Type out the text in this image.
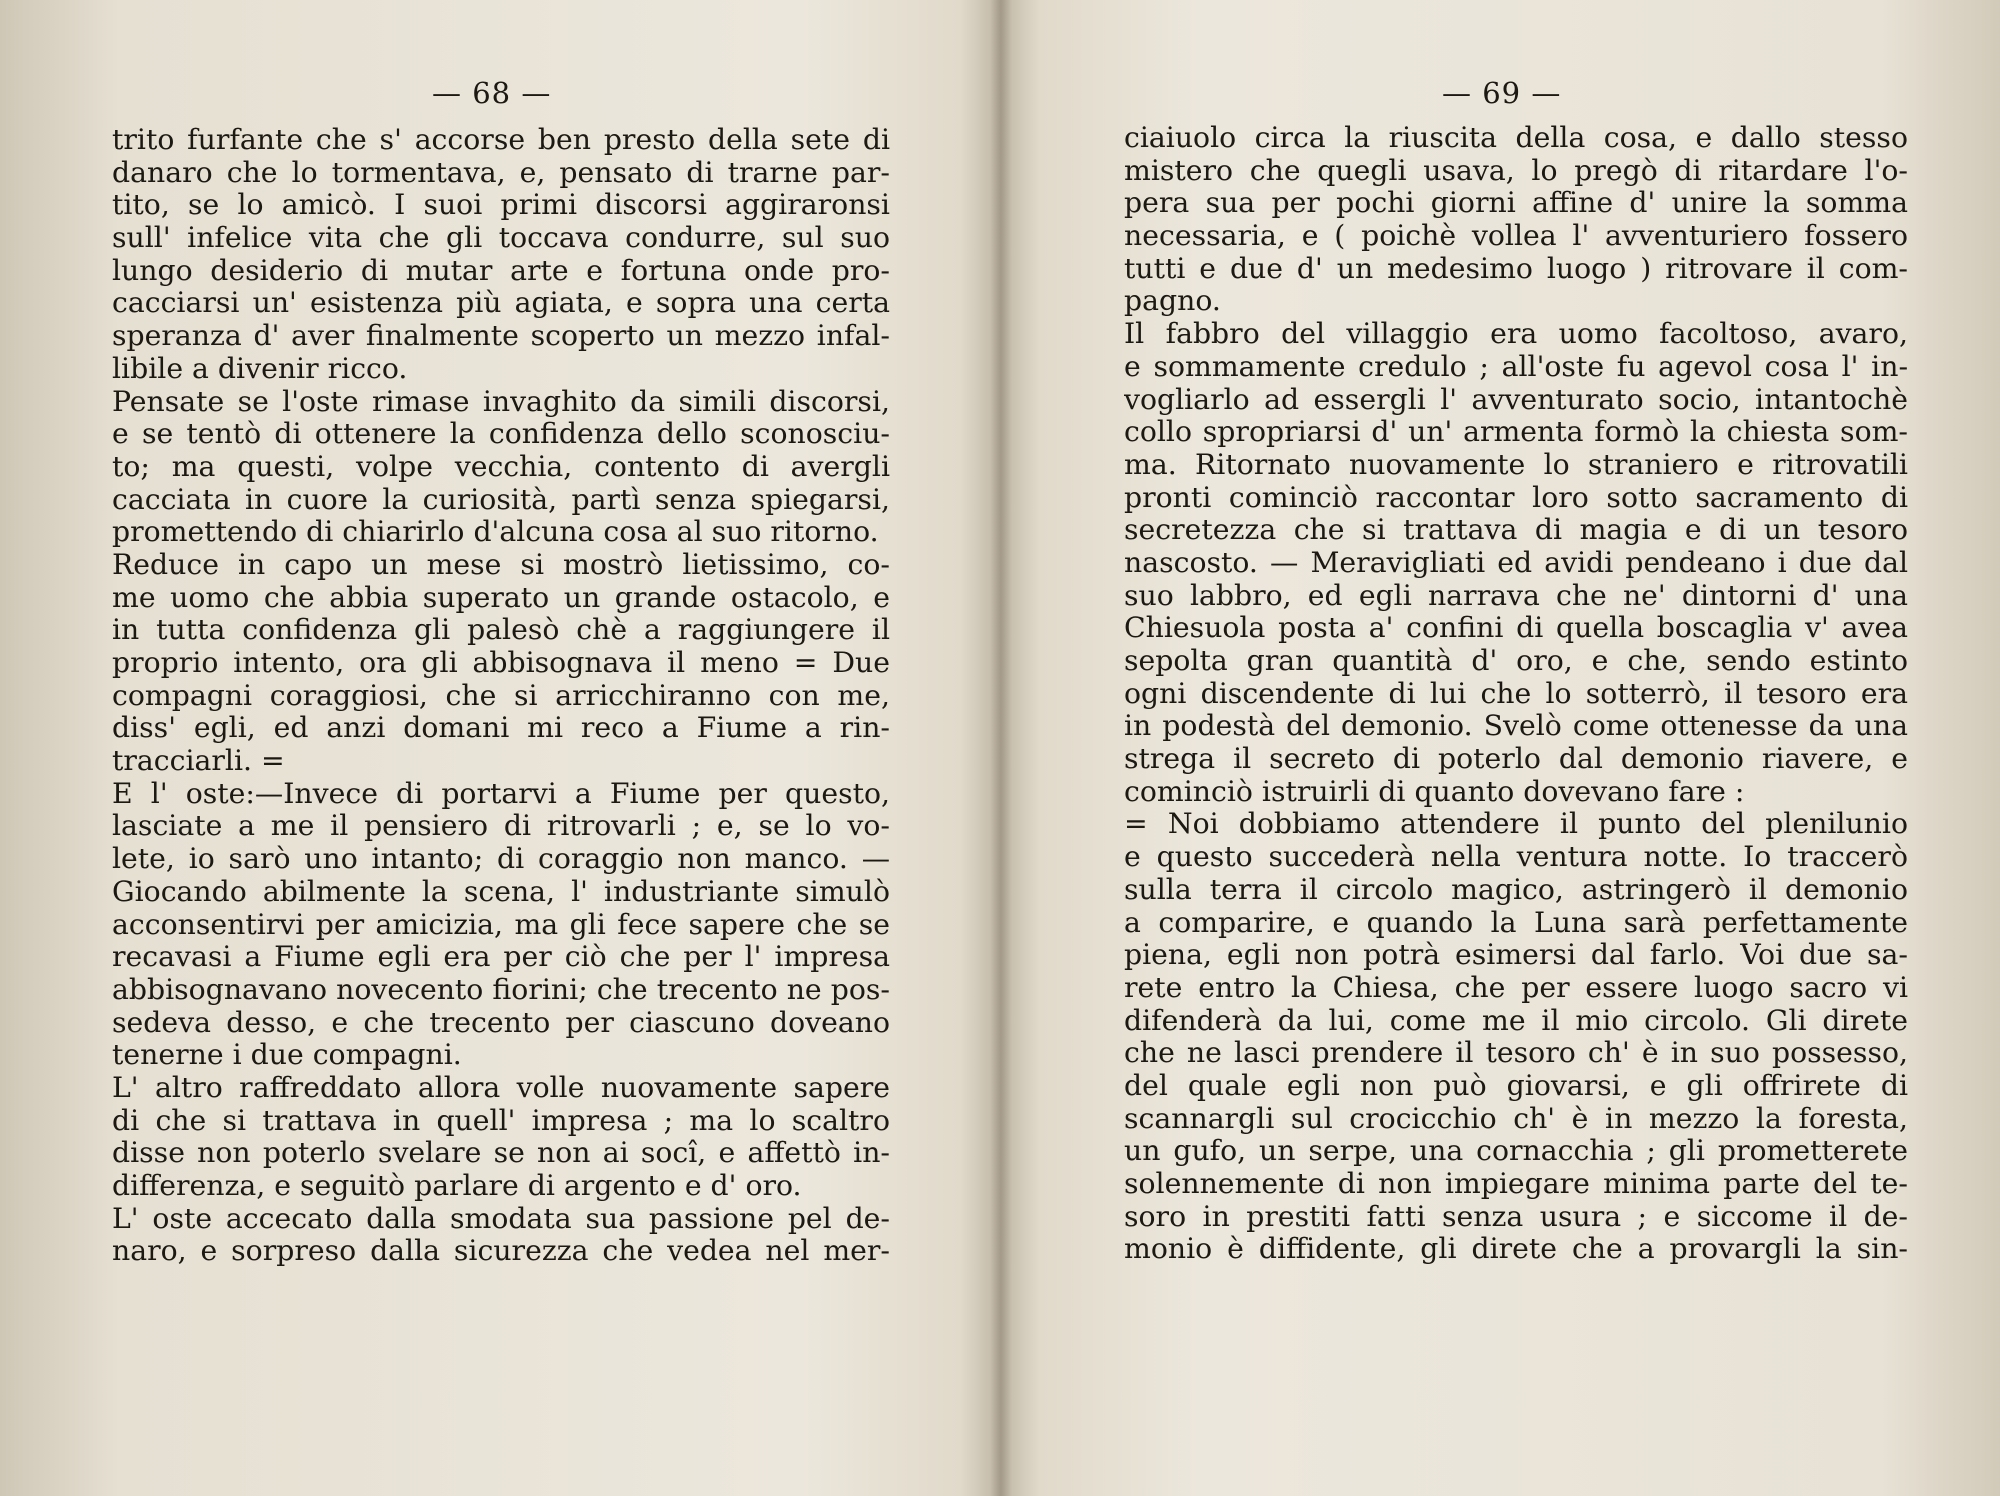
— 68 —
trito furfante che s' accorse ben presto della sete di
danaro che lo tormentava, e, pensato di trarne par-
tito, se lo amicò. I suoi primi discorsi aggiraronsi
sull' infelice vita che gli toccava condurre, sul suo
lungo desiderio di mutar arte e fortuna onde pro-
cacciarsi un' esistenza più agiata, e sopra una certa
speranza d' aver finalmente scoperto un mezzo infal-
libile a divenir ricco.
Pensate se l'oste rimase invaghito da simili discorsi,
e se tentò di ottenere la confidenza dello sconosciu-
to; ma questi, volpe vecchia, contento di avergli
cacciata in cuore la curiosità, partì senza spiegarsi,
promettendo di chiarirlo d'alcuna cosa al suo ritorno.
Reduce in capo un mese si mostrò lietissimo, co-
me uomo che abbia superato un grande ostacolo, e
in tutta confidenza gli palesò chè a raggiungere il
proprio intento, ora gli abbisognava il meno = Due
compagni coraggiosi, che si arricchiranno con me,
diss' egli, ed anzi domani mi reco a Fiume a rin-
tracciarli. =
E l' oste:—Invece di portarvi a Fiume per questo,
lasciate a me il pensiero di ritrovarli ; e, se lo vo-
lete, io sarò uno intanto; di coraggio non manco. —
Giocando abilmente la scena, l' industriante simulò
acconsentirvi per amicizia, ma gli fece sapere che se
recavasi a Fiume egli era per ciò che per l' impresa
abbisognavano novecento fiorini; che trecento ne pos-
sedeva desso, e che trecento per ciascuno doveano
tenerne i due compagni.
L' altro raffreddato allora volle nuovamente sapere
di che si trattava in quell' impresa ; ma lo scaltro
disse non poterlo svelare se non ai socî, e affettò in-
differenza, e seguitò parlare di argento e d' oro.
L' oste accecato dalla smodata sua passione pel de-
naro, e sorpreso dalla sicurezza che vedea nel mer-
— 69 —
ciaiuolo circa la riuscita della cosa, e dallo stesso
mistero che quegli usava, lo pregò di ritardare l'o-
pera sua per pochi giorni affine d' unire la somma
necessaria, e ( poichè vollea l' avventuriero fossero
tutti e due d' un medesimo luogo ) ritrovare il com-
pagno.
Il fabbro del villaggio era uomo facoltoso, avaro,
e sommamente credulo ; all'oste fu agevol cosa l' in-
vogliarlo ad essergli l' avventurato socio, intantochè
collo spropriarsi d' un' armenta formò la chiesta som-
ma. Ritornato nuovamente lo straniero e ritrovatili
pronti cominciò raccontar loro sotto sacramento di
secretezza che si trattava di magia e di un tesoro
nascosto. — Meravigliati ed avidi pendeano i due dal
suo labbro, ed egli narrava che ne' dintorni d' una
Chiesuola posta a' confini di quella boscaglia v' avea
sepolta gran quantità d' oro, e che, sendo estinto
ogni discendente di lui che lo sotterrò, il tesoro era
in podestà del demonio. Svelò come ottenesse da una
strega il secreto di poterlo dal demonio riavere, e
cominciò istruirli di quanto dovevano fare :
= Noi dobbiamo attendere il punto del plenilunio
e questo succederà nella ventura notte. Io traccerò
sulla terra il circolo magico, astringerò il demonio
a comparire, e quando la Luna sarà perfettamente
piena, egli non potrà esimersi dal farlo. Voi due sa-
rete entro la Chiesa, che per essere luogo sacro vi
difenderà da lui, come me il mio circolo. Gli direte
che ne lasci prendere il tesoro ch' è in suo possesso,
del quale egli non può giovarsi, e gli offrirete di
scannargli sul crocicchio ch' è in mezzo la foresta,
un gufo, un serpe, una cornacchia ; gli prometterete
solennemente di non impiegare minima parte del te-
soro in prestiti fatti senza usura ; e siccome il de-
monio è diffidente, gli direte che a provargli la sin-
